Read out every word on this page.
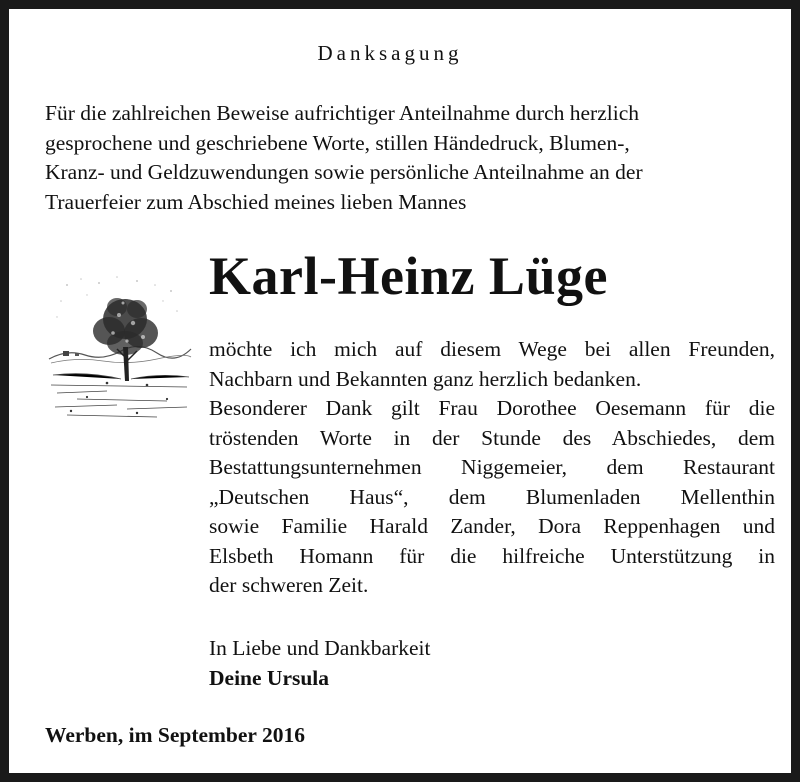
Danksagung
Für die zahlreichen Beweise aufrichtiger Anteilnahme durch herzlich
gesprochene und geschriebene Worte, stillen Händedruck, Blumen-,
Kranz- und Geldzuwendungen sowie persönliche Anteilnahme an der
Trauerfeier zum Abschied meines lieben Mannes
Karl-Heinz Lüge
möchte ich mich auf diesem Wege bei allen Freunden,
Nachbarn und Bekannten ganz herzlich bedanken.
Besonderer Dank gilt Frau Dorothee Oesemann für die
tröstenden Worte in der Stunde des Abschiedes, dem
Bestattungsunternehmen Niggemeier, dem Restaurant
„Deutschen Haus“, dem Blumenladen Mellenthin
sowie Familie Harald Zander, Dora Reppenhagen und
Elsbeth Homann für die hilfreiche Unterstützung in
der schweren Zeit.
In Liebe und Dankbarkeit
Deine Ursula
Werben, im September 2016
